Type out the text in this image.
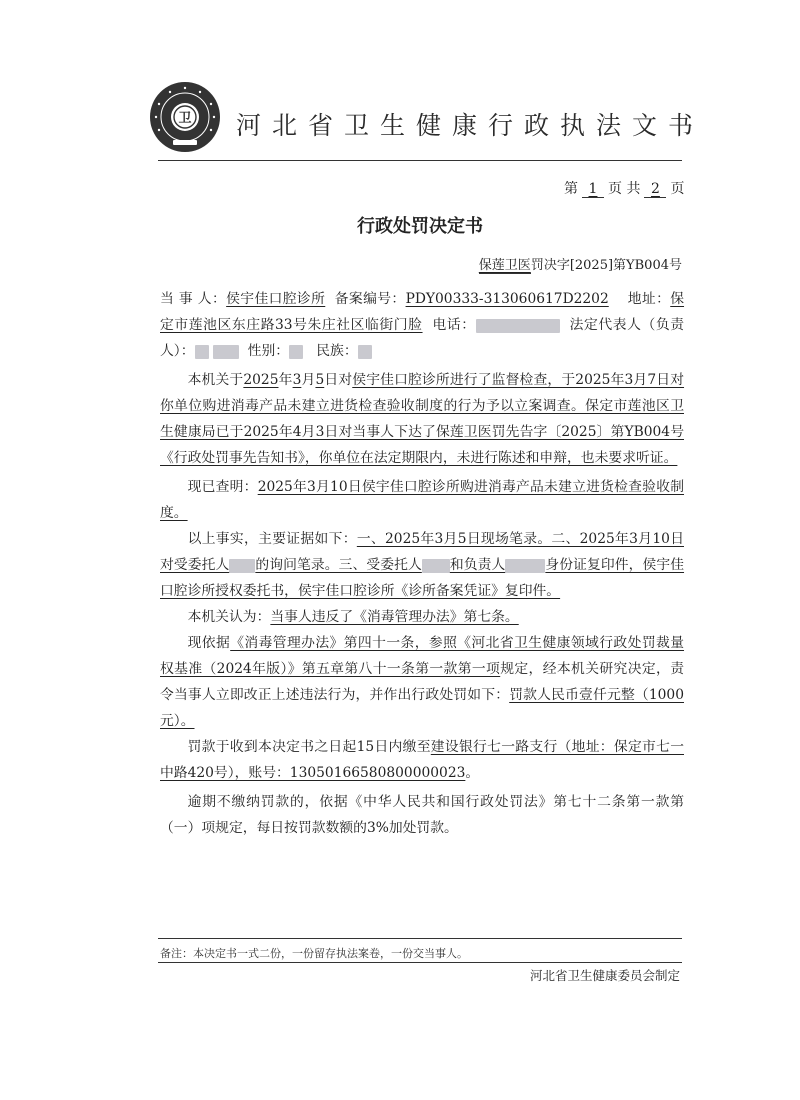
卫 河北省卫生健康行政执法文书
第 1 页 共 2 页
行政处罚决定书
保莲卫医罚决字[2025]第YB004号

当 事 人：侯宇佳口腔诊所 备案编号：PDY00333-313060617D2202 地址：保定市莲池区东庄路33号朱庄社区临街门脸 电话：	法定代表人（负责人）：	性别： 民族：

本机关于2025年3月5日对侯宇佳口腔诊所进行了监督检查，于2025年3月7日对你单位购进消毒产品未建立进货检查验收制度的行为予以立案调查。保定市莲池区卫生健康局已于2025年4月3日对当事人下达了保莲卫医罚先告字〔2025〕第YB004号《行政处罚事先告知书》，你单位在法定期限内，未进行陈述和申辩，也未要求听证。

现已查明：2025年3月10日侯宇佳口腔诊所购进消毒产品未建立进货检查验收制度。

以上事实，主要证据如下：一、2025年3月5日现场笔录。二、2025年3月10日对受委托人 的询问笔录。三、受委托人 和负责人	身份证复印件，侯宇佳口腔诊所授权委托书，侯宇佳口腔诊所《诊所备案凭证》复印件。

本机关认为：当事人违反了《消毒管理办法》第七条。

现依据《消毒管理办法》第四十一条，参照《河北省卫生健康领域行政处罚裁量权基准（2024年版）》第五章第八十一条第一款第一项规定，经本机关研究决定，责令当事人立即改正上述违法行为，并作出行政处罚如下：罚款人民币壹仟元整（1000元）。

罚款于收到本决定书之日起15日内缴至建设银行七一路支行（地址：保定市七一中路420号），账号：13050166580800000023。

逾期不缴纳罚款的，依据《中华人民共和国行政处罚法》第七十二条第一款第（一）项规定，每日按罚款数额的3%加处罚款。

备注：本决定书一式二份，一份留存执法案卷，一份交当事人。
河北省卫生健康委员会制定
